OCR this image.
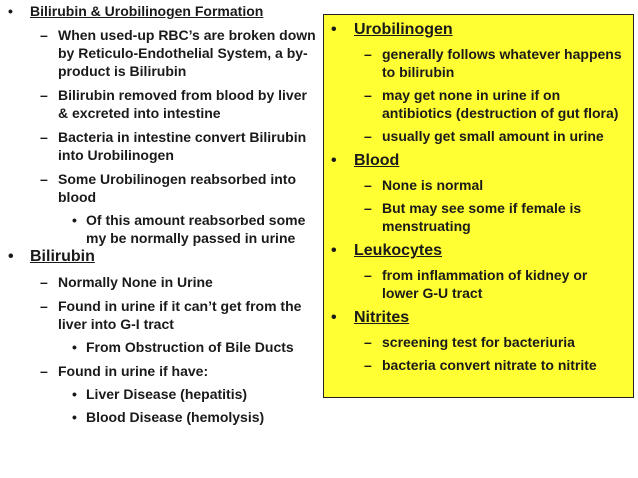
• Bilirubin & Urobilinogen Formation
– When used-up RBC’s are broken down by Reticulo-Endothelial System, a by-product is Bilirubin
– Bilirubin removed from blood by liver & excreted into intestine
– Bacteria in intestine convert Bilirubin into Urobilinogen
– Some Urobilinogen reabsorbed into blood
• Of this amount reabsorbed some my be normally passed in urine
• Bilirubin
– Normally None in Urine
– Found in urine if it can’t get from the liver into G-I tract
• From Obstruction of Bile Ducts
– Found in urine if have:
• Liver Disease (hepatitis)
• Blood Disease (hemolysis)
• Urobilinogen
– generally follows whatever happens to bilirubin
– may get none in urine if on antibiotics (destruction of gut flora)
– usually get small amount in urine
• Blood
– None is normal
– But may see some if female is menstruating
• Leukocytes
– from inflammation of kidney or lower G-U tract
• Nitrites
– screening test for bacteriuria
– bacteria convert nitrate to nitrite
